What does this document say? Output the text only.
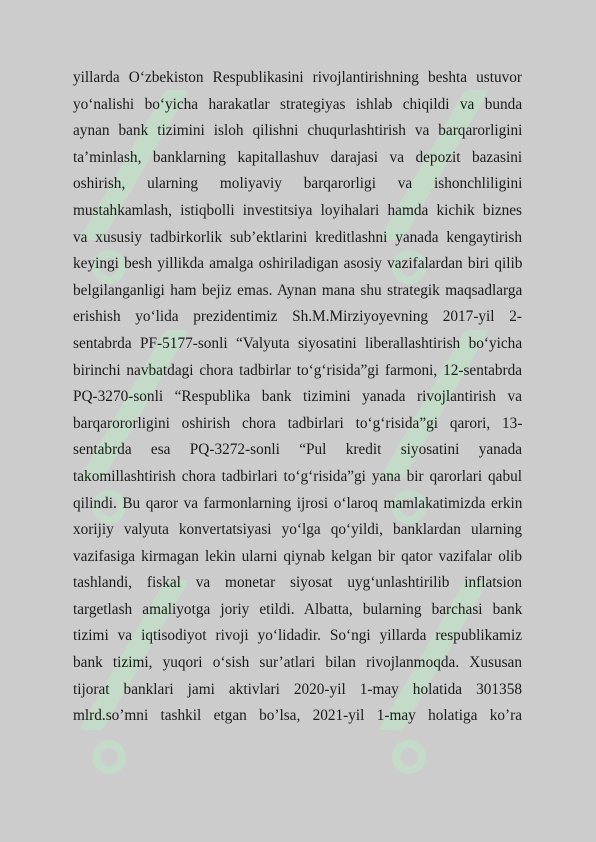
yillarda O‘zbekiston Respublikasini rivojlantirishning beshta ustuvor
yo‘nalishi bo‘yicha harakatlar strategiyas ishlab chiqildi va bunda
aynan bank tizimini isloh qilishni chuqurlashtirish va barqarorligini
ta’minlash, banklarning kapitallashuv darajasi va depozit bazasini
oshirish, ularning moliyaviy barqarorligi va ishonchliligini
mustahkamlash, istiqbolli investitsiya loyihalari hamda kichik biznes
va xususiy tadbirkorlik sub’ektlarini kreditlashni yanada kengaytirish
keyingi besh yillikda amalga oshiriladigan asosiy vazifalardan biri qilib
belgilanganligi ham bejiz emas. Aynan mana shu strategik maqsadlarga
erishish yo‘lida prezidentimiz Sh.M.Mirziyoyevning 2017-yil 2-
sentabrda PF-5177-sonli “Valyuta siyosatini liberallashtirish bo‘yicha
birinchi navbatdagi chora tadbirlar to‘g‘risida”gi farmoni, 12-sentabrda
PQ-3270-sonli “Respublika bank tizimini yanada rivojlantirish va
barqarororligini oshirish chora tadbirlari to‘g‘risida”gi qarori, 13-
sentabrda esa PQ-3272-sonli “Pul kredit siyosatini yanada
takomillashtirish chora tadbirlari to‘g‘risida”gi yana bir qarorlari qabul
qilindi. Bu qaror va farmonlarning ijrosi o‘laroq mamlakatimizda erkin
xorijiy valyuta konvertatsiyasi yo‘lga qo‘yildi, banklardan ularning
vazifasiga kirmagan lekin ularni qiynab kelgan bir qator vazifalar olib
tashlandi, fiskal va monetar siyosat uyg‘unlashtirilib inflatsion
targetlash amaliyotga joriy etildi. Albatta, bularning barchasi bank
tizimi va iqtisodiyot rivoji yo‘lidadir. So‘ngi yillarda respublikamiz
bank tizimi, yuqori o‘sish sur’atlari bilan rivojlanmoqda. Xususan
tijorat banklari jami aktivlari 2020-yil 1-may holatida 301358
mlrd.so’mni tashkil etgan bo’lsa, 2021-yil 1-may holatiga ko’ra
